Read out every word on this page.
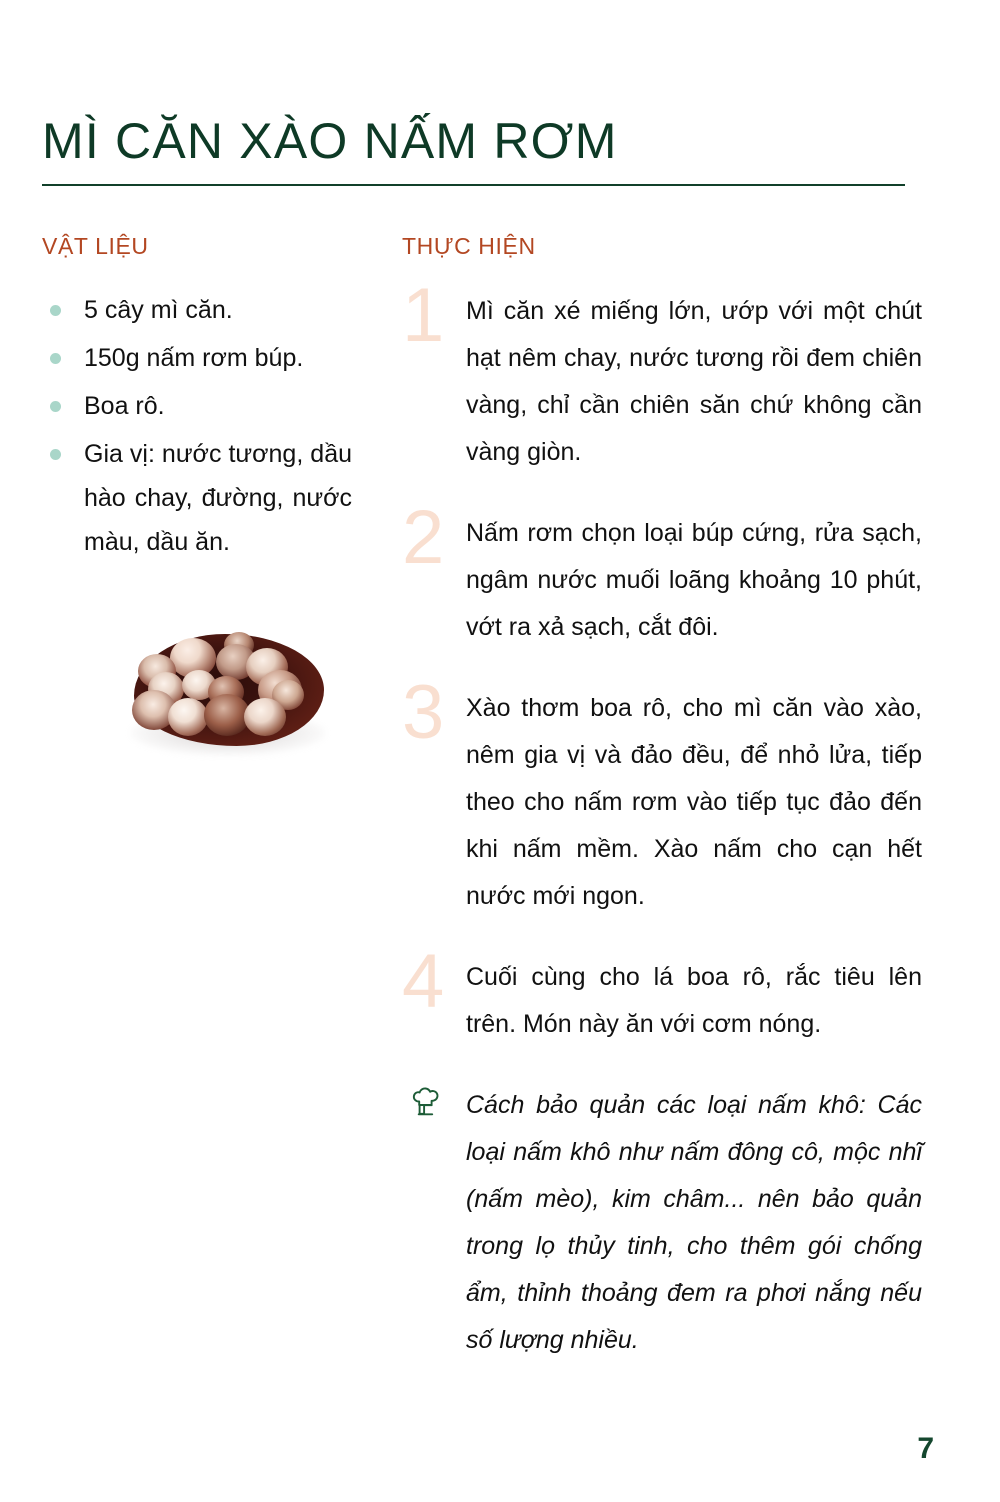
MÌ CĂN XÀO NẤM RƠM
VẬT LIỆU
5 cây mì căn.
150g nấm rơm búp.
Boa rô.
Gia vị: nước tương, dầu hào chay, đường, nước màu, dầu ăn.
THỰC HIỆN
1 Mì căn xé miếng lớn, ướp với một chút hạt nêm chay, nước tương rồi đem chiên vàng, chỉ cần chiên săn chứ không cần vàng giòn.
2 Nấm rơm chọn loại búp cứng, rửa sạch, ngâm nước muối loãng khoảng 10 phút, vớt ra xả sạch, cắt đôi.
3 Xào thơm boa rô, cho mì căn vào xào, nêm gia vị và đảo đều, để nhỏ lửa, tiếp theo cho nấm rơm vào tiếp tục đảo đến khi nấm mềm. Xào nấm cho cạn hết nước mới ngon.
4 Cuối cùng cho lá boa rô, rắc tiêu lên trên. Món này ăn với cơm nóng.
Cách bảo quản các loại nấm khô: Các loại nấm khô như nấm đông cô, mộc nhĩ (nấm mèo), kim châm... nên bảo quản trong lọ thủy tinh, cho thêm gói chống ẩm, thỉnh thoảng đem ra phơi nắng nếu số lượng nhiều.
7
